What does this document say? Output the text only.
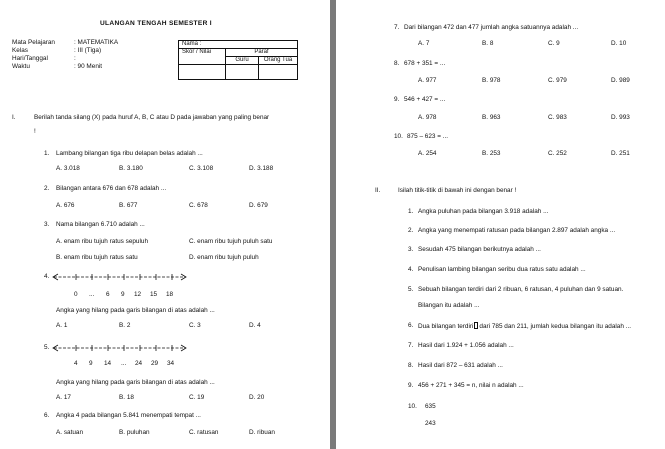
ULANGAN TENGAH SEMESTER I
Mata Pelajaran	: MATEMATIKA
Kelas	: III (Tiga)
Hari/Tanggal	:
Waktu	: 90 Menit
Nama :		
Skor / Nilai	Paraf	
	Guru	Orang Tua

I.	Berilah tanda silang (X) pada huruf A, B, C atau D pada jawaban yang paling benar
!
1. Lambang bilangan tiga ribu delapan belas adalah ...
A. 3.018	B. 3.180	C. 3.108	D. 3.188
2. Bilangan antara 676 dan 678 adalah ...
A. 676	B. 677	C. 678	D. 679
3. Nama bilangan 6.710 adalah ...
A. enam ribu tujuh ratus sepuluh	C. enam ribu tujuh puluh satu
B. enam ribu tujuh ratus satu	D. enam ribu tujuh puluh
4.
0 ... 6 9 12 15 18
Angka yang hilang pada garis bilangan di atas adalah ...
A. 1	B. 2	C. 3	D. 4
5.
4 9 14 ... 24 29 34
Angka yang hilang pada garis bilangan di atas adalah ...
A. 17	B. 18	C. 19	D. 20
6. Angka 4 pada bilangan 5.841 menempati tempat ...
A. satuan	B. puluhan	C. ratusan	D. ribuan
7. Dari bilangan 472 dan 477 jumlah angka satuannya adalah ...
A. 7	B. 8	C. 9	D. 10
8. 678 + 351 = ...
A. 977	B. 978	C. 979	D. 989
9. 546 + 427 = ...
A. 978	B. 963	C. 983	D. 993
10. 875 – 623 = ...
A. 254	B. 253	C. 252	D. 251
II.	Isilah titik-titik di bawah ini dengan benar !
1. Angka puluhan pada bilangan 3.918 adalah ...
2. Angka yang menempati ratusan pada bilangan 2.897 adalah angka ...
3. Sesudah 475 bilangan berikutnya adalah ...
4. Penulisan lambing bilangan seribu dua ratus satu adalah ...
5. Sebuah bilangan terdiri dari 2 ribuan, 6 ratusan, 4 puluhan dan 9 satuan.
Bilangan itu adalah ...
6. Dua bilangan terdiri dari 785 dan 211, jumlah kedua bilangan itu adalah ...
7. Hasil dari 1.924 + 1.056 adalah ...
8. Hasil dari 872 – 631 adalah ...
9. 456 + 271 + 345 = n, nilai n adalah ...
10. 635
243
